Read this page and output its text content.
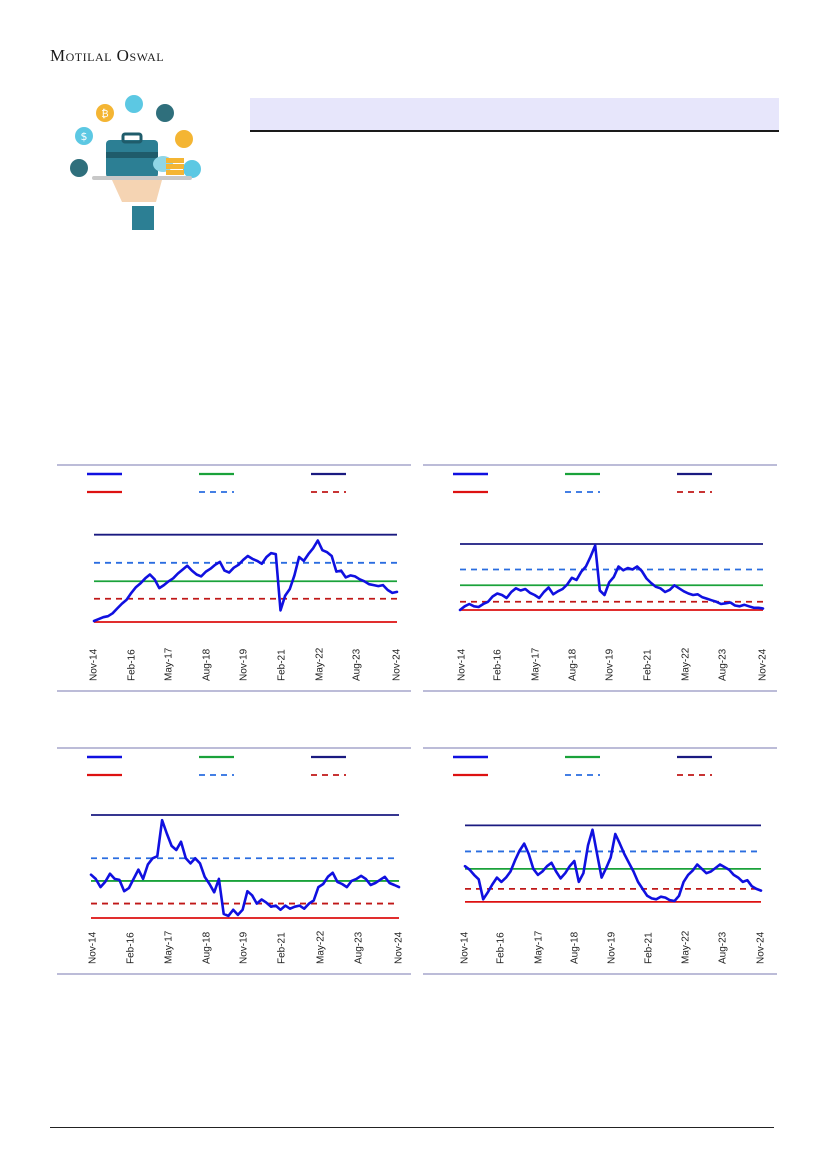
Motilal Oswal
₿
$
Nov-14	Feb-16	May-17	Aug-18	Nov-19	Feb-21	May-22	Aug-23	Nov-24	Nov-14	Feb-16	May-17	Aug-18	Nov-19	Feb-21	May-22	Aug-23	Nov-24
Nov-14	Feb-16	May-17	Aug-18	Nov-19	Feb-21	May-22	Aug-23	Nov-24	Nov-14	Feb-16	May-17	Aug-18	Nov-19	Feb-21	May-22	Aug-23	Nov-24
